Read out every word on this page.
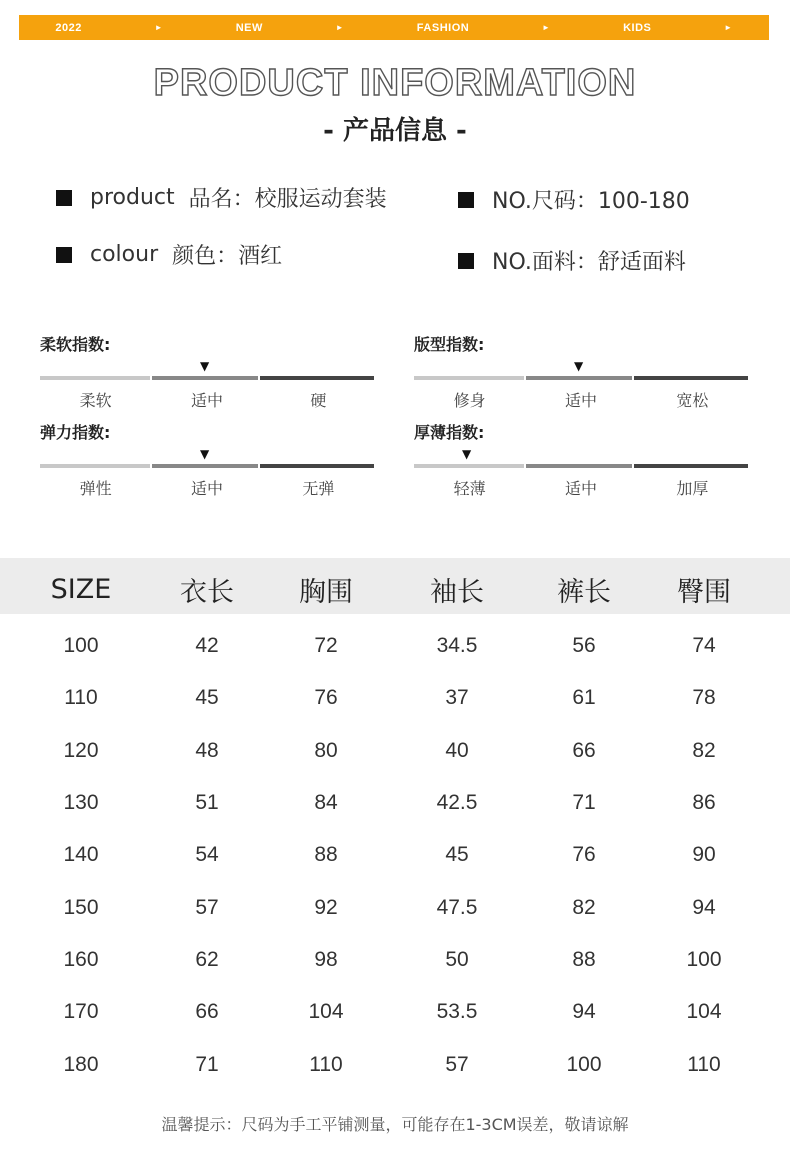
2022	►	NEW	►	FASHION	►	KIDS	►
PRODUCT INFORMATION
- 产品信息 -
product 品名：校服运动套装	NO.尺码：100-180
colour 颜色：酒红	NO.面料：舒适面料
柔软指数:
▼
柔软	适中	硬
版型指数:
▼
修身	适中	宽松
弹力指数:
▼
弹性	适中	无弹
厚薄指数:
▼
轻薄	适中	加厚
SIZE	衣长	胸围	袖长	裤长	臀围
100	42	72	34.5	56	74
110	45	76	37	61	78
120	48	80	40	66	82
130	51	84	42.5	71	86
140	54	88	45	76	90
150	57	92	47.5	82	94
160	62	98	50	88	100
170	66	104	53.5	94	104
180	71	110	57	100	110
温馨提示：尺码为手工平铺测量，可能存在1-3CM误差，敬请谅解
